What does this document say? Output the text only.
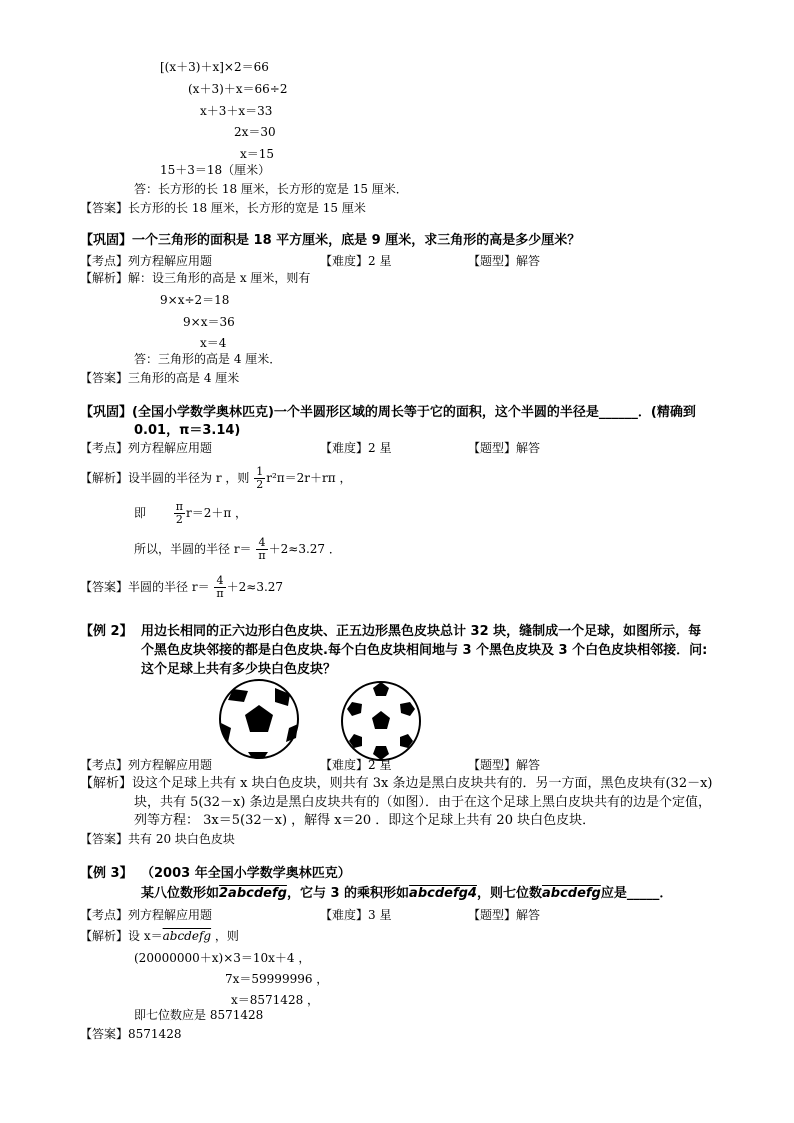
[(x＋3)＋x]×2＝66
(x＋3)＋x＝66÷2
x＋3＋x＝33
2x＝30
x＝15
15＋3＝18（厘米）
答：长方形的长 18 厘米，长方形的宽是 15 厘米．
【答案】长方形的长 18 厘米，长方形的宽是 15 厘米
【巩固】一个三角形的面积是 18 平方厘米，底是 9 厘米，求三角形的高是多少厘米？
【考点】列方程解应用题	【难度】2 星	【题型】解答
【解析】解：设三角形的高是 x 厘米，则有
9×x÷2＝18
9×x＝36
x＝4
答：三角形的高是 4 厘米．
【答案】三角形的高是 4 厘米
【巩固】(全国小学数学奥林匹克)一个半圆形区域的周长等于它的面积，这个半圆的半径是______．(精确到
0.01，π＝3.14)
【考点】列方程解应用题	【难度】2 星	【题型】解答
【解析】设半圆的半径为 r ，则 $\frac{1}{2} r^2\pi=2r+r\pi$ ，
即	$\frac{\pi}{2} r=2+\pi$ ，
所以，半圆的半径 $r= \frac{4}{\pi} +2\approx 3.27$ ．
【答案】半圆的半径 $r= \frac{4}{\pi} +2\approx 3.27$
【例 2】 用边长相同的正六边形白色皮块、正五边形黑色皮块总计 32 块，缝制成一个足球，如图所示，每
个黑色皮块邻接的都是白色皮块.每个白色皮块相间地与 3 个黑色皮块及 3 个白色皮块相邻接．问:
这个足球上共有多少块白色皮块？
【考点】列方程解应用题	【难度】2 星	【题型】解答
【解析】设这个足球上共有 x 块白色皮块，则共有 3x 条边是黑白皮块共有的．另一方面，黑色皮块有(32－x)
块，共有 5(32－x) 条边是黑白皮块共有的（如图）．由于在这个足球上黑白皮块共有的边是个定值，
列等方程： 3x＝5(32－x) ，解得 x＝20 ．即这个足球上共有 20 块白色皮块．
【答案】共有 20 块白色皮块
【例 3】 （2003 年全国小学数学奥林匹克）
某八位数形如2abcdefg，它与 3 的乘积形如abcdefg4，则七位数abcdefg应是_____．
【考点】列方程解应用题	【难度】3 星	【题型】解答
【解析】设 x＝abcdefg ，则
(20000000＋x)×3＝10x＋4 ，
7x＝59999996 ，
x＝8571428 ，
即七位数应是 8571428
【答案】8571428
